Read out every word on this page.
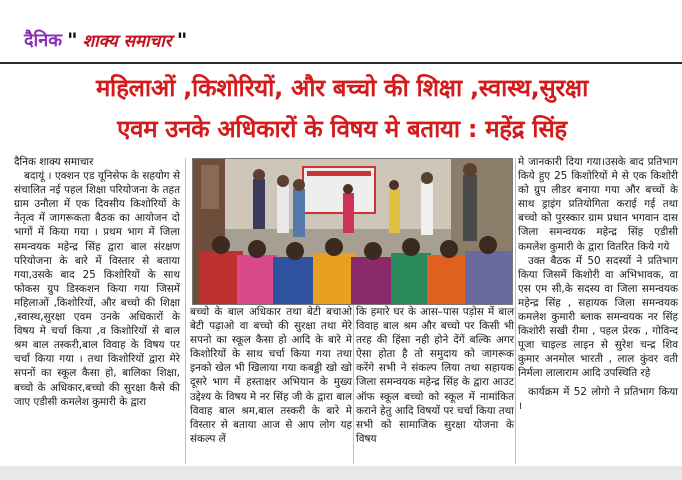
दैनिक " शाक्य समाचार "
महिलाओं ,किशोरियों, और बच्चो की शिक्षा ,स्वास्थ,सुरक्षा
एवम उनके अधिकारों के विषय मे बताया : महेंद्र सिंह

दैनिक शाक्य समाचार

बदायूं । एक्शन एड यूनिसेफ के सहयोग से संचालित नई पहल शिक्षा परियोजना के तहत ग्राम उनौला में एक दिवसीय किशोरियों के नेतृत्व में जागरूकता बैठक का आयोजन दो भागों में किया गया । प्रथम भाग में जिला समन्वयक महेन्द्र सिंह द्वारा बाल संरक्षण परियोजना के बारे में विस्तार से बताया गया,उसके बाद 25 किशोरियों के साथ फोकस ग्रुप डिस्कशन किया गया जिसमें महिलाओं ,किशोरियों, और बच्चो की शिक्षा ,स्वास्थ,सुरक्षा एवम उनके अधिकारों के विषय मे चर्चा किया ,व किशोरियों से बाल श्रम बाल तस्करी,बाल विवाह के विषय पर चर्चा किया गया । तथा किशोरियों द्वारा मेरे सपनों का स्कूल कैसा हो, बालिका शिक्षा, बच्चो के अधिकार,बच्चो की सुरक्षा कैसे की जाए एडीसी कमलेश कुमारी के द्वारा

बच्चो के बाल अधिकार तथा बेटी बचाओ बेटी पढ़ाओ वा बच्चो की सुरक्षा तथा मेरे सपनो का स्कूल कैसा हो आदि के बारे मे किशोरियों के साथ चर्चा किया गया तथा इनको खेल भी खिलाया गया कबड्डी खो खो दूसरे भाग में हस्ताक्षर अभियान के मुख्य उद्देश्य के विषय मे नर सिंह जी के द्वारा बाल विवाह बाल श्रम,बाल तस्करी के बारे मे विस्तार से बताया आज से आप लोग यह संकल्प लें

कि हमारे घर के आस–पास पड़ोस में बाल विवाह बाल श्रम और बच्चो पर किसी भी तरह की हिंसा नही होने देंगें बल्कि अगर ऐसा होता है तो समुदाय को जागरूक करेंगे सभी ने संकल्प लिया तथा सहायक जिला समन्वयक महेन्द्र सिंह के द्वारा आउट ऑफ स्कूल बच्चो को स्कूल में नामांकित कराने हेतु आदि विषयों पर चर्चा किया तथा सभी को सामाजिक सुरक्षा योजना के विषय

मे जानकारी दिया गया।उसके बाद प्रतिभाग किये हुए 25 किशोरियों मे से एक किशोरी को ग्रुप लीडर बनाया गया और बच्चों के साथ ड्राइंग प्रतियोगिता कराई गई तथा बच्चो को पुरस्कार ग्राम प्रधान भगवान दास जिला समन्वयक महेन्द्र सिंह एडीसी कमलेश कुमारी के द्वारा वितरित किये गये

उक्त बैठक में 50 सदस्यों ने प्रतिभाग किया जिसमें किशोरी वा अभिभावक, वा एस एम सी,के सदस्य वा जिला समन्वयक महेन्द्र सिंह , सहायक जिला समन्वयक कमलेश कुमारी ब्लाक समन्वयक नर सिंह किशोरी सखी रीमा , पहल प्रेरक , गोविन्द पूजा चाइल्ड लाइन से सुरेश चन्द्र शिव कुमार अनमोल भारती , लाल कुंवर वती निर्मला लालाराम आदि उपस्थिति रहे

कार्यक्रम में 52 लोगो ने प्रतिभाग किया ।
